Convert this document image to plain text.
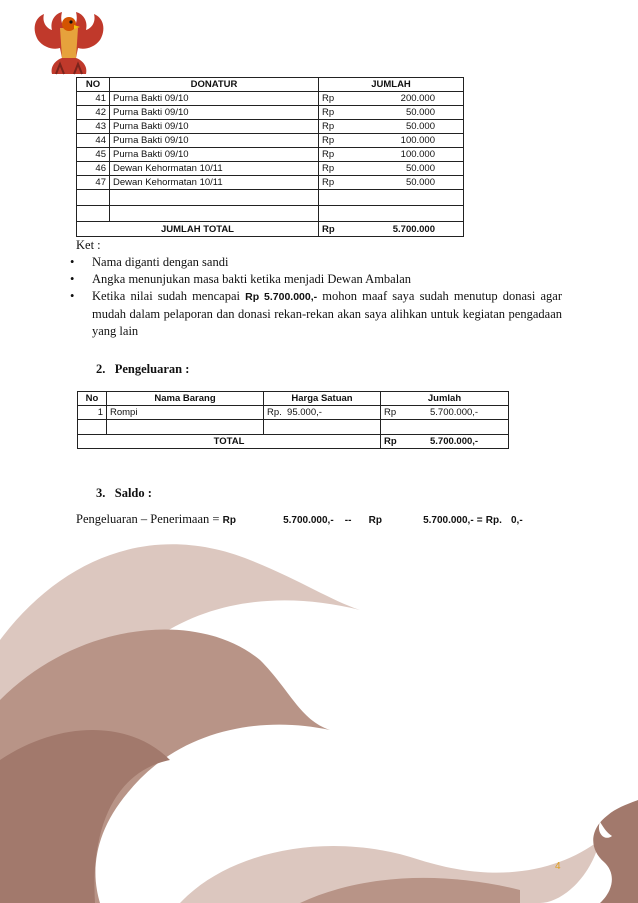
NO	DONATUR	JUMLAH	
41	Purna Bakti 09/10	Rp	200.000
42	Purna Bakti 09/10	Rp	50.000
43	Purna Bakti 09/10	Rp	50.000
44	Purna Bakti 09/10	Rp	100.000
45	Purna Bakti 09/10	Rp	100.000
46	Dewan Kehormatan 10/11	Rp	50.000
47	Dewan Kehormatan 10/11	Rp	50.000

JUMLAH TOTAL		Rp	5.700.000
Ket :
• Nama diganti dengan sandi
• Angka menunjukan masa bakti ketika menjadi Dewan Ambalan
• Ketika nilai sudah mencapai Rp 5.700.000,- mohon maaf saya sudah menutup donasi agar mudah dalam pelaporan dan donasi rekan-rekan akan saya alihkan untuk kegiatan pengadaan yang lain
2.   Pengeluaran :
No	Nama Barang	Harga Satuan	Jumlah	
1	Rompi	Rp.  95.000,-	Rp	5.700.000,-

TOTAL			Rp	5.700.000,-
3.   Saldo :
Pengeluaran – Penerimaan = Rp	5.700.000,- -- Rp	5.700.000,- = Rp. 0,-
4
